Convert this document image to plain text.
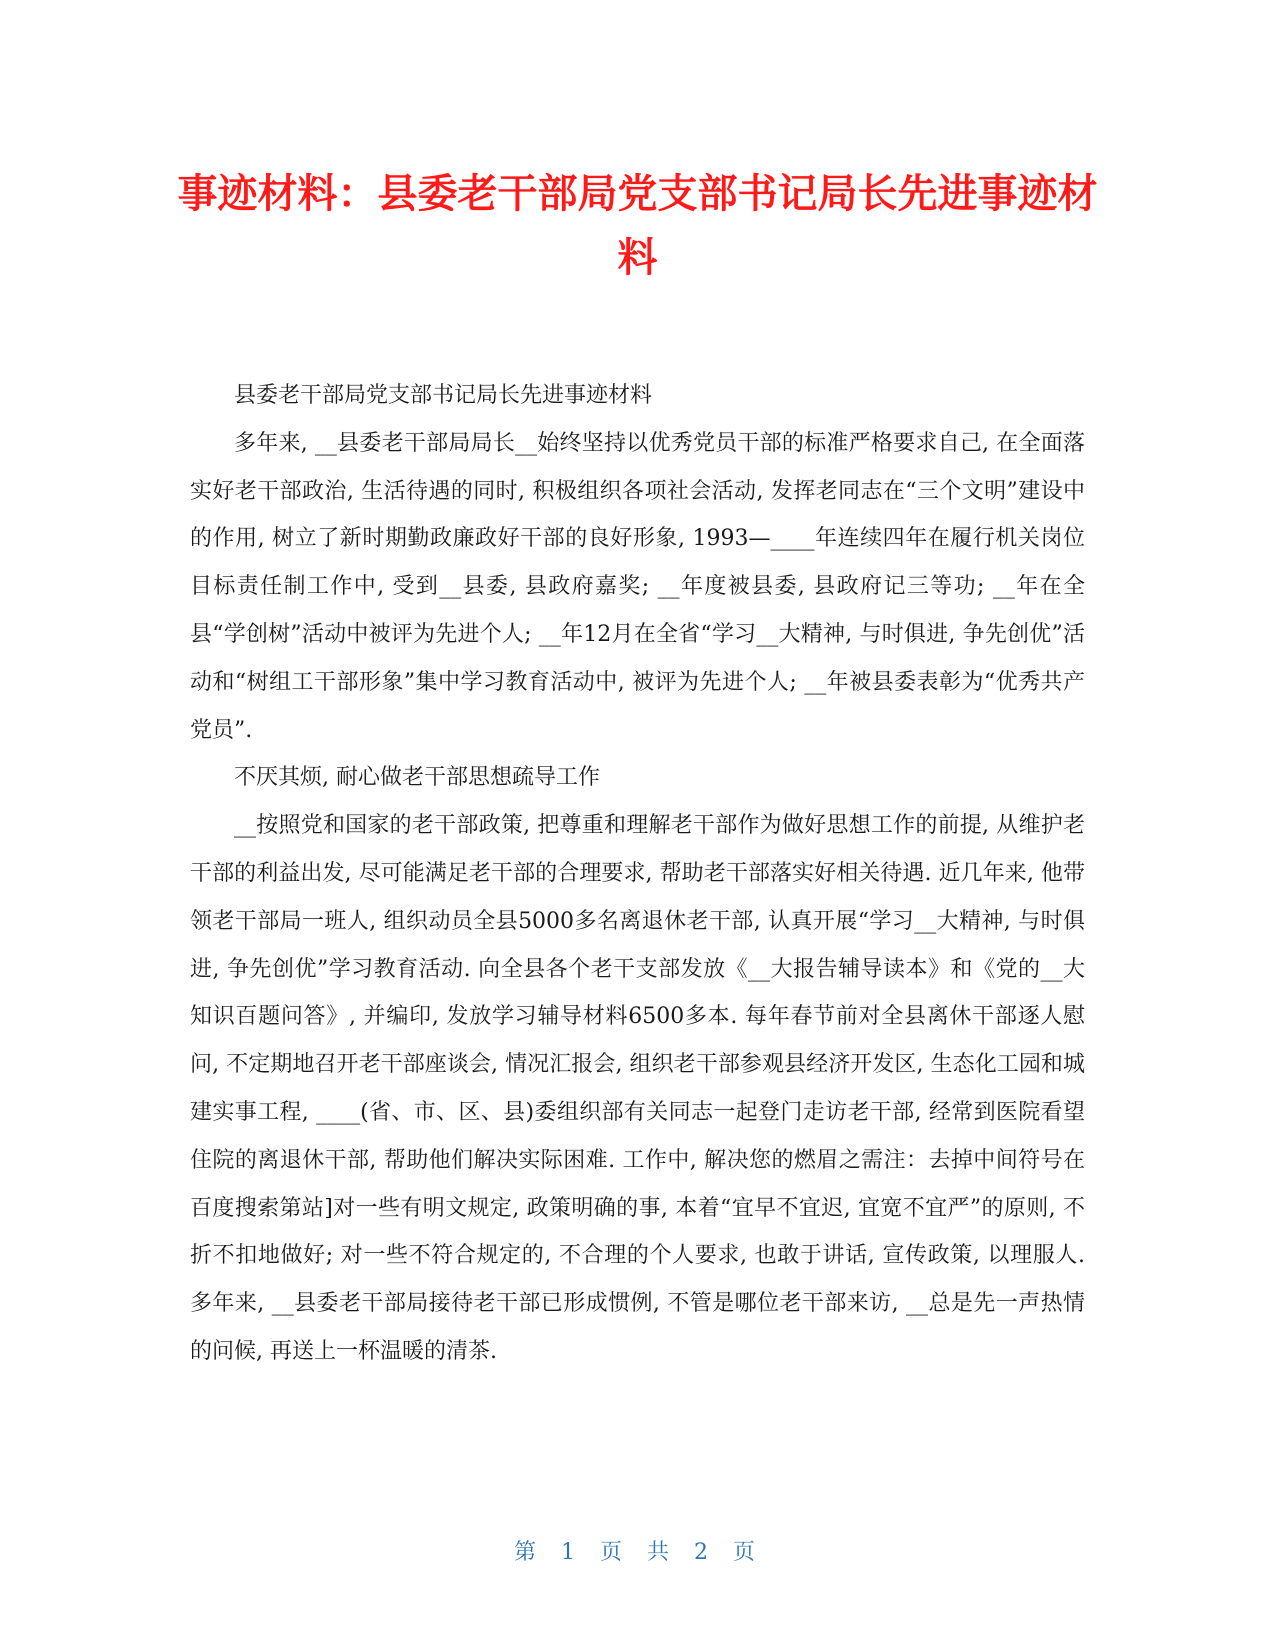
事迹材料：县委老干部局党支部书记局长先进事迹材料

县委老干部局党支部书记局长先进事迹材料

多年来, __县委老干部局局长__始终坚持以优秀党员干部的标准严格要求自己, 在全面落实好老干部政治, 生活待遇的同时, 积极组织各项社会活动, 发挥老同志在“三个文明”建设中的作用, 树立了新时期勤政廉政好干部的良好形象, 1993—____年连续四年在履行机关岗位目标责任制工作中, 受到__县委, 县政府嘉奖; __年度被县委, 县政府记三等功; __年在全县“学创树”活动中被评为先进个人; __年12月在全省“学习__大精神, 与时俱进, 争先创优”活动和“树组工干部形象”集中学习教育活动中, 被评为先进个人; __年被县委表彰为“优秀共产党员”.

不厌其烦, 耐心做老干部思想疏导工作

__按照党和国家的老干部政策, 把尊重和理解老干部作为做好思想工作的前提, 从维护老干部的利益出发, 尽可能满足老干部的合理要求, 帮助老干部落实好相关待遇. 近几年来, 他带领老干部局一班人, 组织动员全县5000多名离退休老干部, 认真开展“学习__大精神, 与时俱进, 争先创优”学习教育活动. 向全县各个老干支部发放《__大报告辅导读本》和《党的__大知识百题问答》, 并编印, 发放学习辅导材料6500多本. 每年春节前对全县离休干部逐人慰问, 不定期地召开老干部座谈会, 情况汇报会, 组织老干部参观县经济开发区, 生态化工园和城建实事工程, ____(省、市、区、县)委组织部有关同志一起登门走访老干部, 经常到医院看望住院的离退休干部, 帮助他们解决实际困难. 工作中, 解决您的燃眉之需注：去掉中间符号在百度搜索第站]对一些有明文规定, 政策明确的事, 本着“宜早不宜迟, 宜宽不宜严”的原则, 不折不扣地做好; 对一些不符合规定的, 不合理的个人要求, 也敢于讲话, 宣传政策, 以理服人. 多年来, __县委老干部局接待老干部已形成惯例, 不管是哪位老干部来访, __总是先一声热情的问候, 再送上一杯温暖的清茶.

第 1 页 共 2 页
